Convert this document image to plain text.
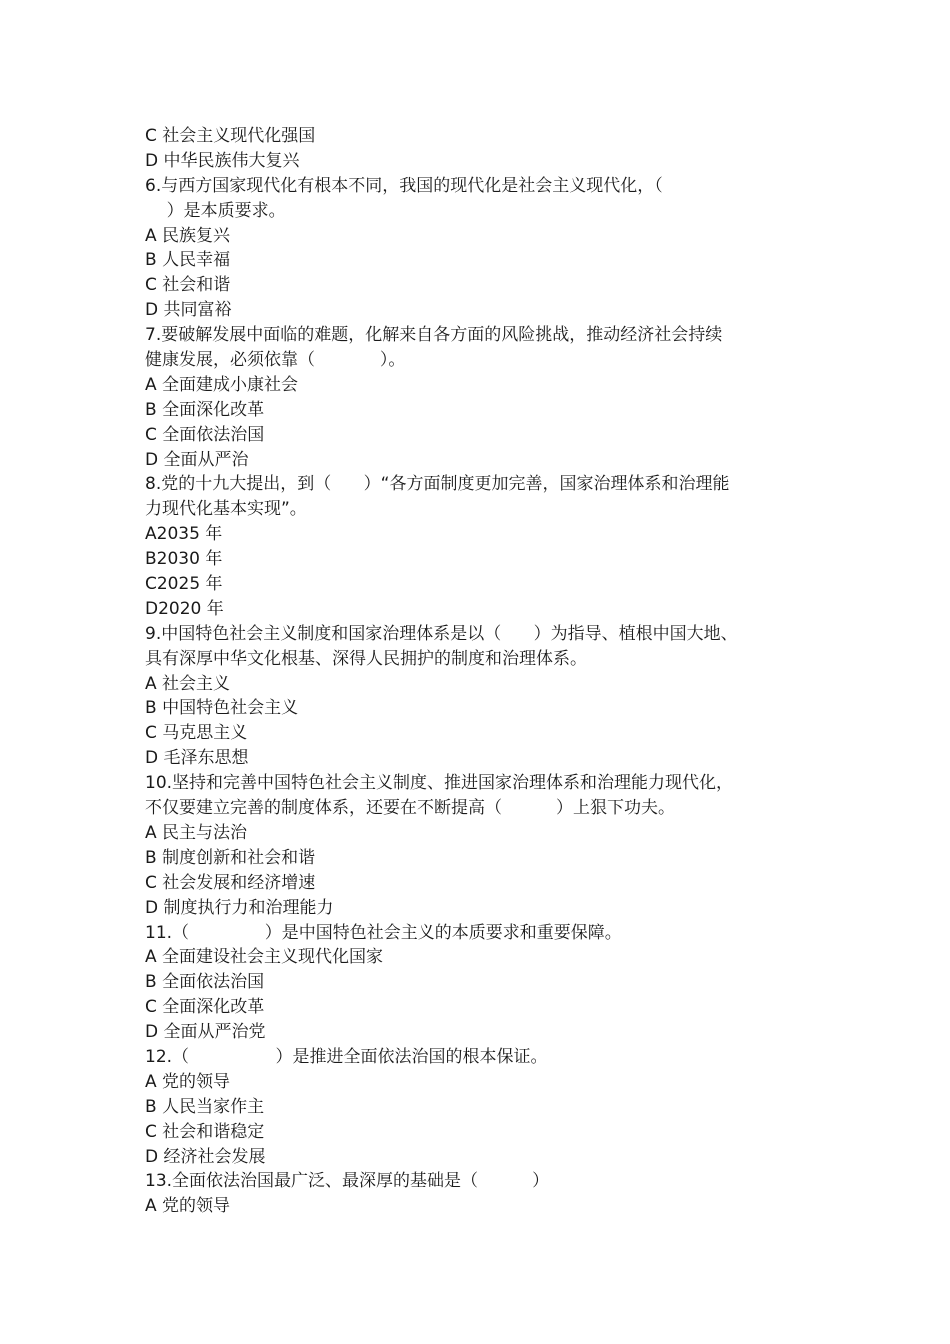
C 社会主义现代化强国
D 中华民族伟大复兴
6.与西方国家现代化有根本不同，我国的现代化是社会主义现代化，（
）是本质要求。
A 民族复兴
B 人民幸福
C 社会和谐
D 共同富裕
7.要破解发展中面临的难题，化解来自各方面的风险挑战，推动经济社会持续
健康发展，必须依靠（            ）。
A 全面建成小康社会
B 全面深化改革
C 全面依法治国
D 全面从严治
8.党的十九大提出，到（      ）“各方面制度更加完善，国家治理体系和治理能
力现代化基本实现”。
A2035 年
B2030 年
C2025 年
D2020 年
9.中国特色社会主义制度和国家治理体系是以（      ）为指导、植根中国大地、
具有深厚中华文化根基、深得人民拥护的制度和治理体系。
A 社会主义
B 中国特色社会主义
C 马克思主义
D 毛泽东思想
10.坚持和完善中国特色社会主义制度、推进国家治理体系和治理能力现代化，
不仅要建立完善的制度体系，还要在不断提高（          ）上狠下功夫。
A 民主与法治
B 制度创新和社会和谐
C 社会发展和经济增速
D 制度执行力和治理能力
11.（              ）是中国特色社会主义的本质要求和重要保障。
A 全面建设社会主义现代化国家
B 全面依法治国
C 全面深化改革
D 全面从严治党
12.（                ）是推进全面依法治国的根本保证。
A 党的领导
B 人民当家作主
C 社会和谐稳定
D 经济社会发展
13.全面依法治国最广泛、最深厚的基础是（          ）
A 党的领导
